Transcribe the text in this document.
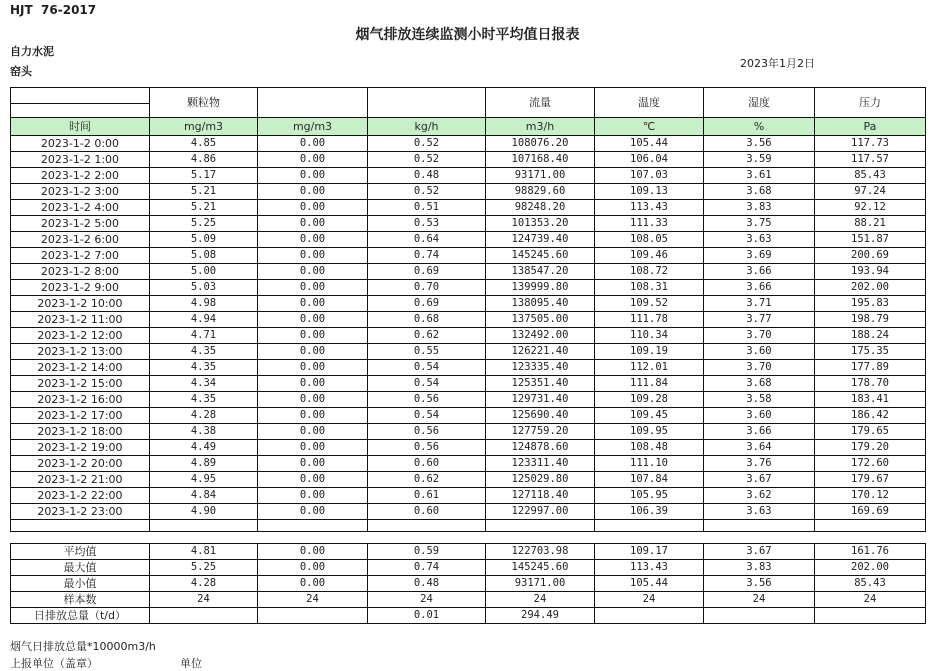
HJT  76-2017
烟气排放连续监测小时平均值日报表
自力水泥
窑头
2023年1月2日
	颗粒物			流量	温度	湿度	压力

时间	mg/m3	mg/m3	kg/h	m3/h	℃	%	Pa
2023-1-2 0:00	4.85	0.00	0.52	108076.20	105.44	3.56	117.73
2023-1-2 1:00	4.86	0.00	0.52	107168.40	106.04	3.59	117.57
2023-1-2 2:00	5.17	0.00	0.48	93171.00	107.03	3.61	85.43
2023-1-2 3:00	5.21	0.00	0.52	98829.60	109.13	3.68	97.24
2023-1-2 4:00	5.21	0.00	0.51	98248.20	113.43	3.83	92.12
2023-1-2 5:00	5.25	0.00	0.53	101353.20	111.33	3.75	88.21
2023-1-2 6:00	5.09	0.00	0.64	124739.40	108.05	3.63	151.87
2023-1-2 7:00	5.08	0.00	0.74	145245.60	109.46	3.69	200.69
2023-1-2 8:00	5.00	0.00	0.69	138547.20	108.72	3.66	193.94
2023-1-2 9:00	5.03	0.00	0.70	139999.80	108.31	3.66	202.00
2023-1-2 10:00	4.98	0.00	0.69	138095.40	109.52	3.71	195.83
2023-1-2 11:00	4.94	0.00	0.68	137505.00	111.78	3.77	198.79
2023-1-2 12:00	4.71	0.00	0.62	132492.00	110.34	3.70	188.24
2023-1-2 13:00	4.35	0.00	0.55	126221.40	109.19	3.60	175.35
2023-1-2 14:00	4.35	0.00	0.54	123335.40	112.01	3.70	177.89
2023-1-2 15:00	4.34	0.00	0.54	125351.40	111.84	3.68	178.70
2023-1-2 16:00	4.35	0.00	0.56	129731.40	109.28	3.58	183.41
2023-1-2 17:00	4.28	0.00	0.54	125690.40	109.45	3.60	186.42
2023-1-2 18:00	4.38	0.00	0.56	127759.20	109.95	3.66	179.65
2023-1-2 19:00	4.49	0.00	0.56	124878.60	108.48	3.64	179.20
2023-1-2 20:00	4.89	0.00	0.60	123311.40	111.10	3.76	172.60
2023-1-2 21:00	4.95	0.00	0.62	125029.80	107.84	3.67	179.67
2023-1-2 22:00	4.84	0.00	0.61	127118.40	105.95	3.62	170.12
2023-1-2 23:00	4.90	0.00	0.60	122997.00	106.39	3.63	169.69

平均值	4.81	0.00	0.59	122703.98	109.17	3.67	161.76
最大值	5.25	0.00	0.74	145245.60	113.43	3.83	202.00
最小值	4.28	0.00	0.48	93171.00	105.44	3.56	85.43
样本数	24	24	24	24	24	24	24
日排放总量（t/d）			0.01	294.49			
烟气日排放总量*10000m3/h
上报单位（盖章）	单位
